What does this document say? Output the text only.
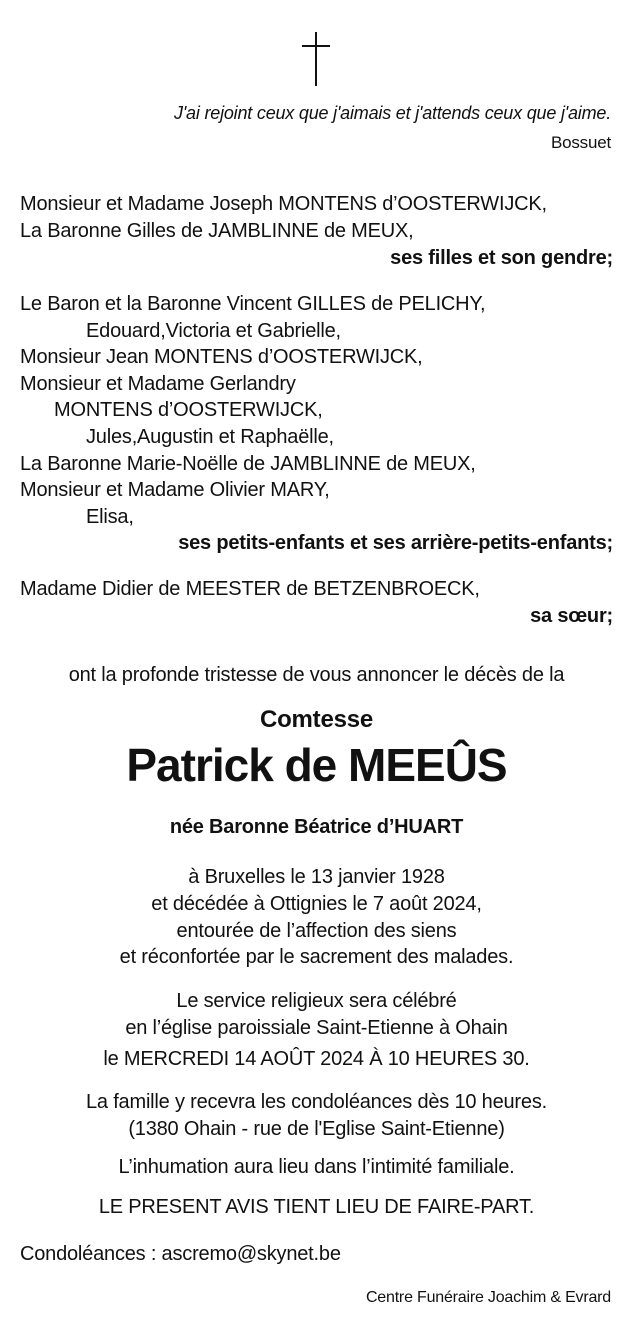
J'ai rejoint ceux que j'aimais et j'attends ceux que j'aime.
Bossuet
Monsieur et Madame Joseph MONTENS d’OOSTERWIJCK,
La Baronne Gilles de JAMBLINNE de MEUX,
ses filles et son gendre;
Le Baron et la Baronne Vincent GILLES de PELICHY,
Edouard,Victoria et Gabrielle,
Monsieur Jean MONTENS d’OOSTERWIJCK,
Monsieur et Madame Gerlandry
MONTENS d’OOSTERWIJCK,
Jules,Augustin et Raphaëlle,
La Baronne Marie-Noëlle de JAMBLINNE de MEUX,
Monsieur et Madame Olivier MARY,
Elisa,
ses petits-enfants et ses arrière-petits-enfants;
Madame Didier de MEESTER de BETZENBROECK,
sa sœur;
ont la profonde tristesse de vous annoncer le décès de la
Comtesse
Patrick de MEEÛS
née Baronne Béatrice d’HUART
à Bruxelles le 13 janvier 1928
et décédée à Ottignies le 7 août 2024,
entourée de l’affection des siens
et réconfortée par le sacrement des malades.
Le service religieux sera célébré
en l’église paroissiale Saint-Etienne à Ohain
le MERCREDI 14 AOÛT 2024 À 10 HEURES 30.
La famille y recevra les condoléances dès 10 heures.
(1380 Ohain - rue de l'Eglise Saint-Etienne)
L’inhumation aura lieu dans l’intimité familiale.
LE PRESENT AVIS TIENT LIEU DE FAIRE-PART.
Condoléances : ascremo@skynet.be
Centre Funéraire Joachim & Evrard
